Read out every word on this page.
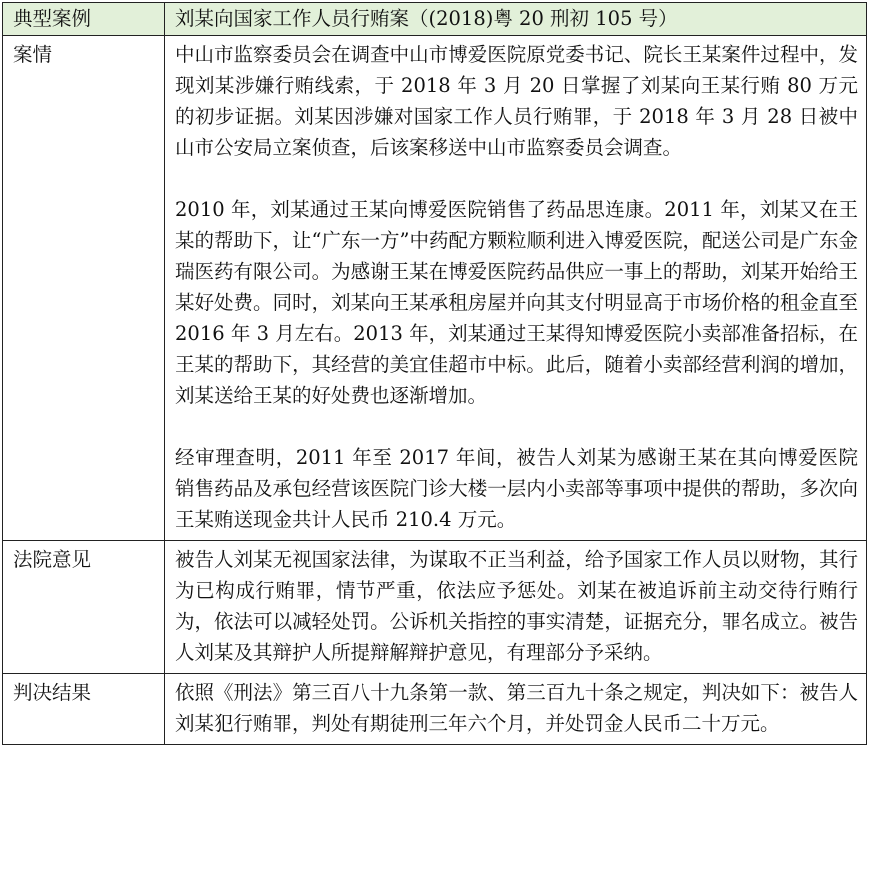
典型案例	刘某向国家工作人员行贿案（(2018)粤 20 刑初 105 号）
案情	中山市监察委员会在调查中山市博爱医院原党委书记、院长王某案件过程中，发现刘某涉嫌行贿线索，于 2018 年 3 月 20 日掌握了刘某向王某行贿 80 万元的初步证据。刘某因涉嫌对国家工作人员行贿罪，于 2018 年 3 月 28 日被中山市公安局立案侦查，后该案移送中山市监察委员会调查。

2010 年，刘某通过王某向博爱医院销售了药品思连康。2011 年，刘某又在王某的帮助下，让“广东一方”中药配方颗粒顺利进入博爱医院，配送公司是广东金瑞医药有限公司。为感谢王某在博爱医院药品供应一事上的帮助，刘某开始给王某好处费。同时，刘某向王某承租房屋并向其支付明显高于市场价格的租金直至 2016 年 3 月左右。2013 年，刘某通过王某得知博爱医院小卖部准备招标，在王某的帮助下，其经营的美宜佳超市中标。此后，随着小卖部经营利润的增加，刘某送给王某的好处费也逐渐增加。

经审理查明，2011 年至 2017 年间，被告人刘某为感谢王某在其向博爱医院销售药品及承包经营该医院门诊大楼一层内小卖部等事项中提供的帮助，多次向王某贿送现金共计人民币 210.4 万元。

法院意见	被告人刘某无视国家法律，为谋取不正当利益，给予国家工作人员以财物，其行为已构成行贿罪，情节严重，依法应予惩处。刘某在被追诉前主动交待行贿行为，依法可以减轻处罚。公诉机关指控的事实清楚，证据充分，罪名成立。被告人刘某及其辩护人所提辩解辩护意见，有理部分予采纳。

判决结果	依照《刑法》第三百八十九条第一款、第三百九十条之规定，判决如下：被告人刘某犯行贿罪，判处有期徒刑三年六个月，并处罚金人民币二十万元。
